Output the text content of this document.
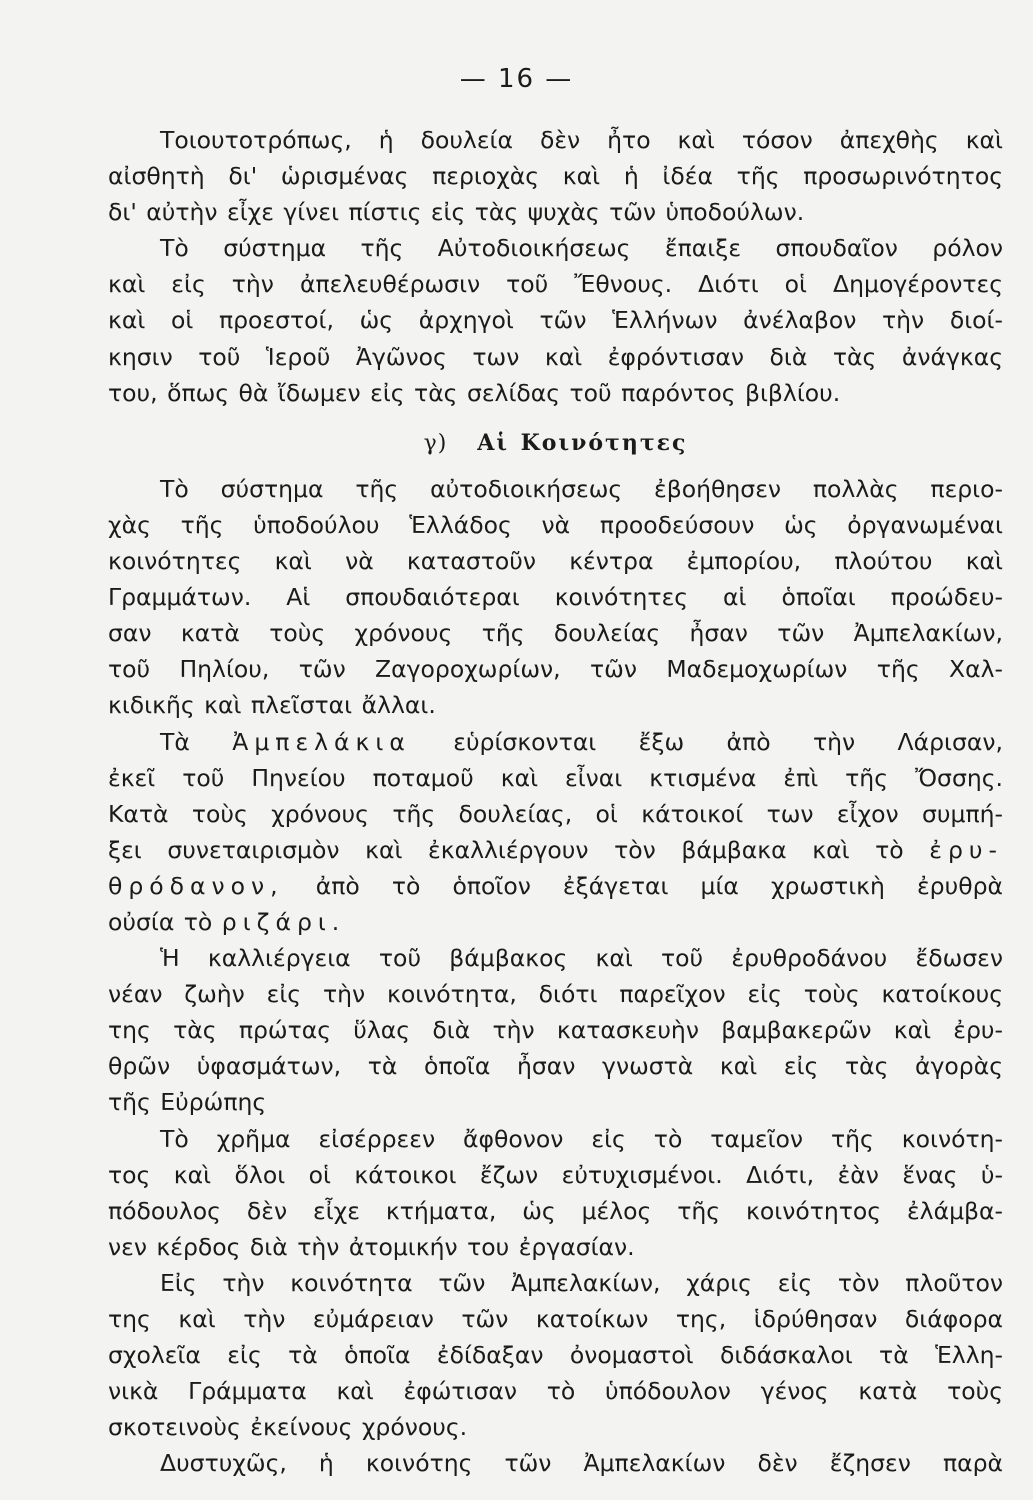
— 16 —
Τοιουτοτρόπως, ἡ δουλεία δὲν ἦτο καὶ τόσον ἀπεχθὴς καὶ
αἰσθητὴ δι' ὡρισμένας περιοχὰς καὶ ἡ ἰδέα τῆς προσωρινότητος
δι' αὐτὴν εἶχε γίνει πίστις εἰς τὰς ψυχὰς τῶν ὑποδούλων.
Τὸ σύστημα τῆς Αὐτοδιοικήσεως ἔπαιξε σπουδαῖον ρόλον
καὶ εἰς τὴν ἀπελευθέρωσιν τοῦ Ἔθνους. Διότι οἱ Δημογέροντες
καὶ οἱ προεστοί, ὡς ἀρχηγοὶ τῶν Ἑλλήνων ἀνέλαβον τὴν διοί-
κησιν τοῦ Ἱεροῦ Ἀγῶνος των καὶ ἐφρόντισαν διὰ τὰς ἀνάγκας
του, ὅπως θὰ ἴδωμεν εἰς τὰς σελίδας τοῦ παρόντος βιβλίου.
γ) Αἱ Κοινότητες
Τὸ σύστημα τῆς αὐτοδιοικήσεως ἐβοήθησεν πολλὰς περιο-
χὰς τῆς ὑποδούλου Ἑλλάδος νὰ προοδεύσουν ὡς ὀργανωμέναι
κοινότητες καὶ νὰ καταστοῦν κέντρα ἐμπορίου, πλούτου καὶ
Γραμμάτων. Αἱ σπουδαιότεραι κοινότητες αἱ ὁποῖαι προώδευ-
σαν κατὰ τοὺς χρόνους τῆς δουλείας ἦσαν τῶν Ἀμπελακίων,
τοῦ Πηλίου, τῶν Ζαγοροχωρίων, τῶν Μαδεμοχωρίων τῆς Χαλ-
κιδικῆς καὶ πλεῖσται ἄλλαι.
Τὰ Ἀμπελάκια εὑρίσκονται ἔξω ἀπὸ τὴν Λάρισαν,
ἐκεῖ τοῦ Πηνείου ποταμοῦ καὶ εἶναι κτισμένα ἐπὶ τῆς Ὄσσης.
Κατὰ τοὺς χρόνους τῆς δουλείας, οἱ κάτοικοί των εἶχον συμπή-
ξει συνεταιρισμὸν καὶ ἐκαλλιέργουν τὸν βάμβακα καὶ τὸ ἐρυ-
θρόδανον, ἀπὸ τὸ ὁποῖον ἐξάγεται μία χρωστικὴ ἐρυθρὰ
οὐσία τὸ ριζάρι.
Ἡ καλλιέργεια τοῦ βάμβακος καὶ τοῦ ἐρυθροδάνου ἔδωσεν
νέαν ζωὴν εἰς τὴν κοινότητα, διότι παρεῖχον εἰς τοὺς κατοίκους
της τὰς πρώτας ὕλας διὰ τὴν κατασκευὴν βαμβακερῶν καὶ ἐρυ-
θρῶν ὑφασμάτων, τὰ ὁποῖα ἦσαν γνωστὰ καὶ εἰς τὰς ἀγορὰς
τῆς Εὐρώπης
Τὸ χρῆμα εἰσέρρεεν ἄφθονον εἰς τὸ ταμεῖον τῆς κοινότη-
τος καὶ ὅλοι οἱ κάτοικοι ἔζων εὐτυχισμένοι. Διότι, ἐὰν ἕνας ὑ-
πόδουλος δὲν εἶχε κτήματα, ὡς μέλος τῆς κοινότητος ἐλάμβα-
νεν κέρδος διὰ τὴν ἀτομικήν του ἐργασίαν.
Εἰς τὴν κοινότητα τῶν Ἀμπελακίων, χάρις εἰς τὸν πλοῦτον
της καὶ τὴν εὐμάρειαν τῶν κατοίκων της, ἱδρύθησαν διάφορα
σχολεῖα εἰς τὰ ὁποῖα ἐδίδαξαν ὀνομαστοὶ διδάσκαλοι τὰ Ἑλλη-
νικὰ Γράμματα καὶ ἐφώτισαν τὸ ὑπόδουλον γένος κατὰ τοὺς
σκοτεινοὺς ἐκείνους χρόνους.
Δυστυχῶς, ἡ κοινότης τῶν Ἀμπελακίων δὲν ἔζησεν παρὰ
